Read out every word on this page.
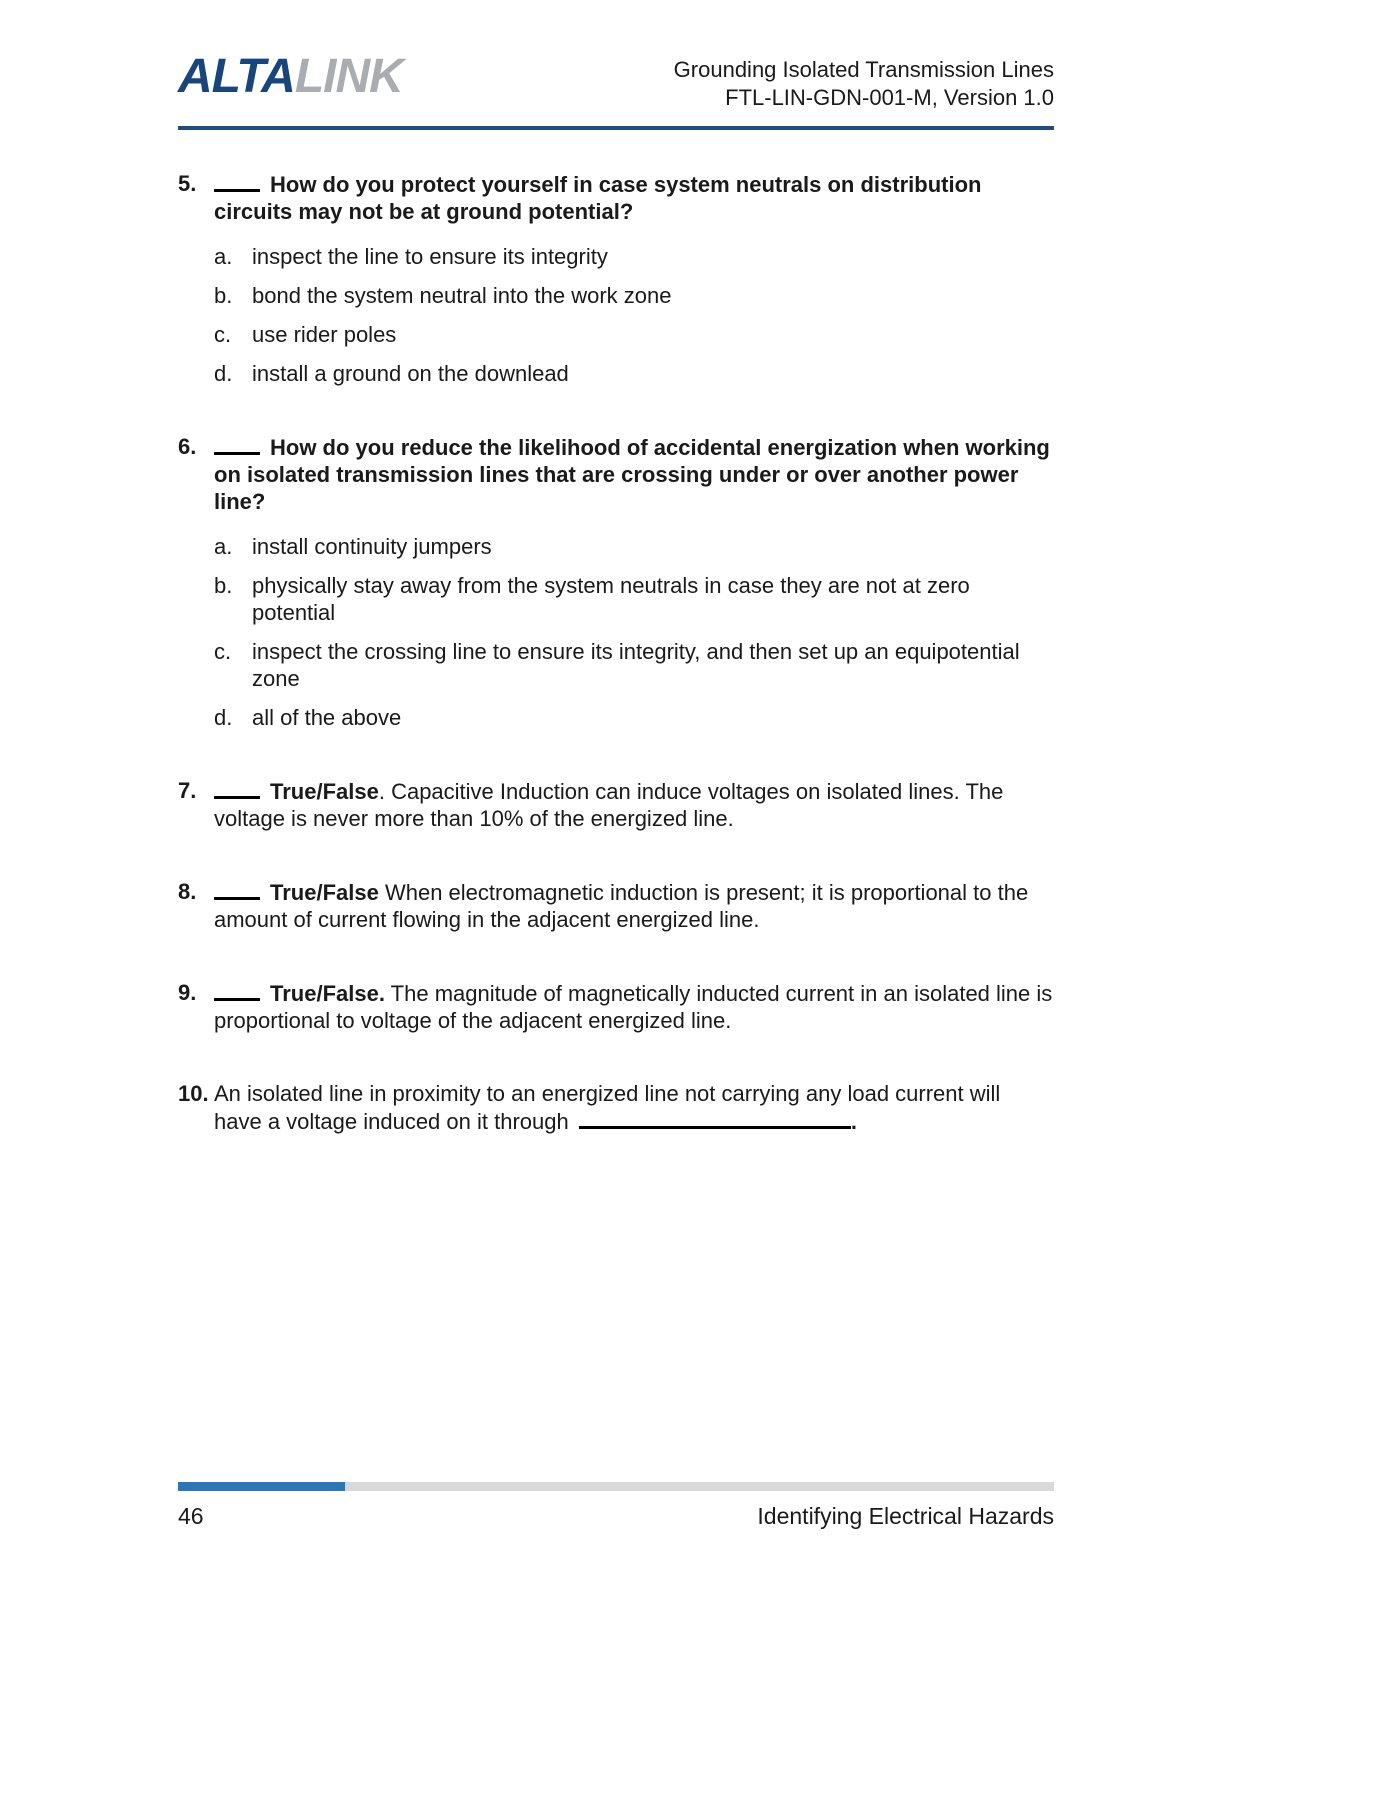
ALTALINK	Grounding Isolated Transmission Lines
FTL-LIN-GDN-001-M, Version 1.0
5.	How do you protect yourself in case system neutrals on distribution circuits may not be at ground potential?
a. inspect the line to ensure its integrity
b. bond the system neutral into the work zone
c. use rider poles
d. install a ground on the downlead
6.	How do you reduce the likelihood of accidental energization when working on isolated transmission lines that are crossing under or over another power line?
a. install continuity jumpers
b. physically stay away from the system neutrals in case they are not at zero potential
c. inspect the crossing line to ensure its integrity, and then set up an equipotential zone
d. all of the above
7.	True/False. Capacitive Induction can induce voltages on isolated lines. The voltage is never more than 10% of the energized line.
8.	True/False When electromagnetic induction is present; it is proportional to the amount of current flowing in the adjacent energized line.
9.	True/False. The magnitude of magnetically inducted current in an isolated line is proportional to voltage of the adjacent energized line.
10. An isolated line in proximity to an energized line not carrying any load current will have a voltage induced on it through	.
46	Identifying Electrical Hazards
